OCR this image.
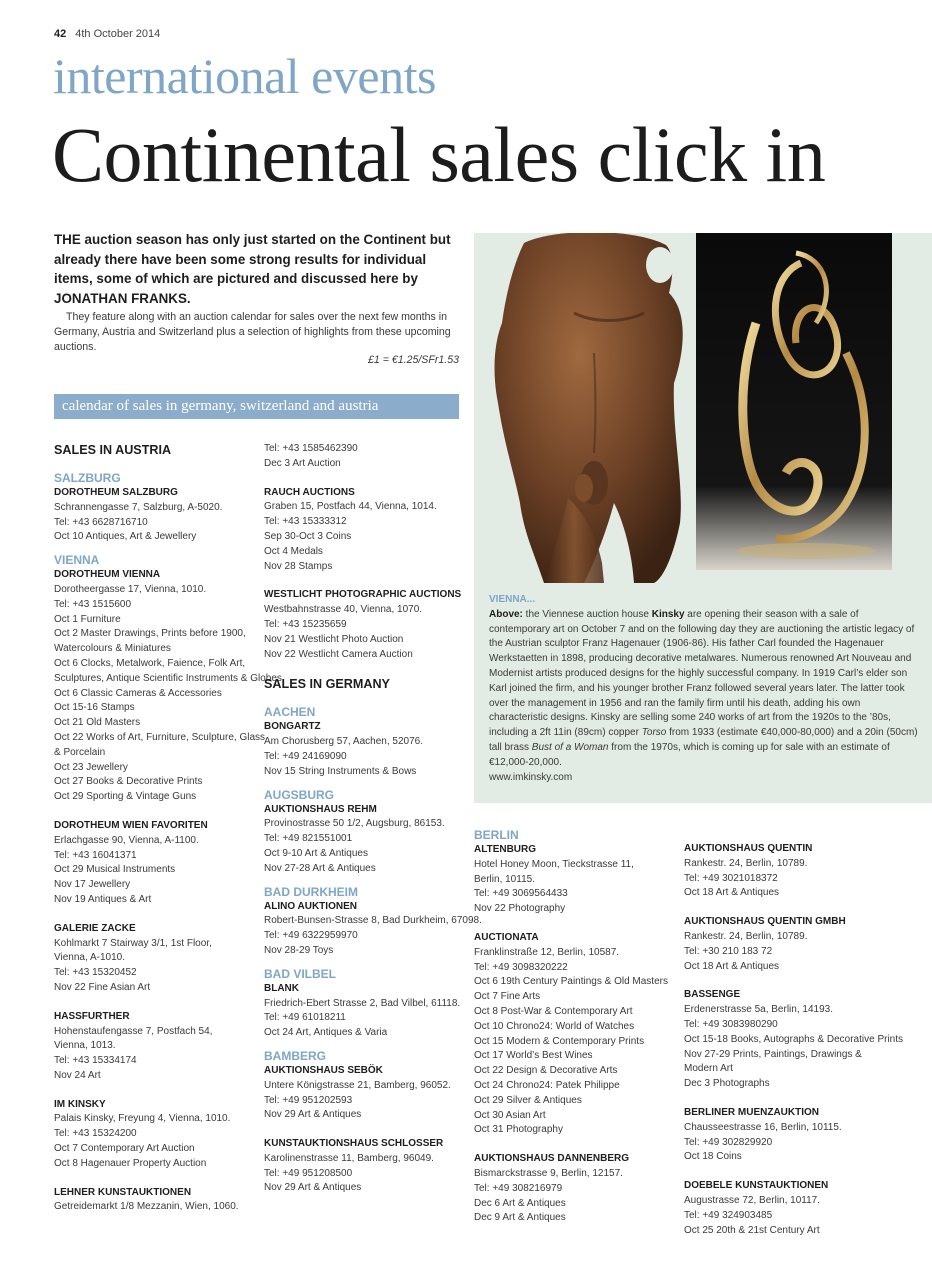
42 4th October 2014
international events
Continental sales click in
THE auction season has only just started on the Continent but already there have been some strong results for individual items, some of which are pictured and discussed here by JONATHAN FRANKS.
They feature along with an auction calendar for sales over the next few months in Germany, Austria and Switzerland plus a selection of highlights from these upcoming auctions.
£1 = €1.25/SFr1.53
calendar of sales in germany, switzerland and austria
SALES IN AUSTRIA
SALZBURG
DOROTHEUM SALZBURG
Schrannengasse 7, Salzburg, A-5020.
Tel: +43 6628716710
Oct 10 Antiques, Art & Jewellery
VIENNA
DOROTHEUM VIENNA
Dorotheergasse 17, Vienna, 1010.
Tel: +43 1515600
Oct 1 Furniture
Oct 2 Master Drawings, Prints before 1900,
Watercolours & Miniatures
Oct 6 Clocks, Metalwork, Faience, Folk Art,
Sculptures, Antique Scientific Instruments & Globes
Oct 6 Classic Cameras & Accessories
Oct 15-16 Stamps
Oct 21 Old Masters
Oct 22 Works of Art, Furniture, Sculpture, Glass
& Porcelain
Oct 23 Jewellery
Oct 27 Books & Decorative Prints
Oct 29 Sporting & Vintage Guns
DOROTHEUM WIEN FAVORITEN
Erlachgasse 90, Vienna, A-1100.
Tel: +43 16041371
Oct 29 Musical Instruments
Nov 17 Jewellery
Nov 19 Antiques & Art
GALERIE ZACKE
Kohlmarkt 7 Stairway 3/1, 1st Floor,
Vienna, A-1010.
Tel: +43 15320452
Nov 22 Fine Asian Art
HASSFURTHER
Hohenstaufengasse 7, Postfach 54,
Vienna, 1013.
Tel: +43 15334174
Nov 24 Art
IM KINSKY
Palais Kinsky, Freyung 4, Vienna, 1010.
Tel: +43 15324200
Oct 7 Contemporary Art Auction
Oct 8 Hagenauer Property Auction
LEHNER KUNSTAUKTIONEN
Getreidemarkt 1/8 Mezzanin, Wien, 1060.
Tel: +43 1585462390
Dec 3 Art Auction
RAUCH AUCTIONS
Graben 15, Postfach 44, Vienna, 1014.
Tel: +43 15333312
Sep 30-Oct 3 Coins
Oct 4 Medals
Nov 28 Stamps
WESTLICHT PHOTOGRAPHIC AUCTIONS
Westbahnstrasse 40, Vienna, 1070.
Tel: +43 15235659
Nov 21 Westlicht Photo Auction
Nov 22 Westlicht Camera Auction
SALES IN GERMANY
AACHEN
BONGARTZ
Am Chorusberg 57, Aachen, 52076.
Tel: +49 24169090
Nov 15 String Instruments & Bows
AUGSBURG
AUKTIONSHAUS REHM
Provinostrasse 50 1/2, Augsburg, 86153.
Tel: +49 821551001
Oct 9-10 Art & Antiques
Nov 27-28 Art & Antiques
BAD DURKHEIM
ALINO AUKTIONEN
Robert-Bunsen-Strasse 8, Bad Durkheim, 67098.
Tel: +49 6322959970
Nov 28-29 Toys
BAD VILBEL
BLANK
Friedrich-Ebert Strasse 2, Bad Vilbel, 61118.
Tel: +49 61018211
Oct 24 Art, Antiques & Varia
BAMBERG
AUKTIONSHAUS SEBÖK
Untere Königstrasse 21, Bamberg, 96052.
Tel: +49 951202593
Nov 29 Art & Antiques
KUNSTAUKTIONSHAUS SCHLOSSER
Karolinenstrasse 11, Bamberg, 96049.
Tel: +49 951208500
Nov 29 Art & Antiques
VIENNA...
Above: the Viennese auction house Kinsky are opening their season with a sale of contemporary art on October 7 and on the following day they are auctioning the artistic legacy of the Austrian sculptor Franz Hagenauer (1906-86). His father Carl founded the Hagenauer Werkstaetten in 1898, producing decorative metalwares. Numerous renowned Art Nouveau and Modernist artists produced designs for the highly successful company. In 1919 Carl’s elder son Karl joined the firm, and his younger brother Franz followed several years later. The latter took over the management in 1956 and ran the family firm until his death, adding his own characteristic designs. Kinsky are selling some 240 works of art from the 1920s to the ’80s, including a 2ft 11in (89cm) copper Torso from 1933 (estimate €40,000-80,000) and a 20in (50cm) tall brass Bust of a Woman from the 1970s, which is coming up for sale with an estimate of €12,000-20,000.
www.imkinsky.com
BERLIN
ALTENBURG
Hotel Honey Moon, Tieckstrasse 11,
Berlin, 10115.
Tel: +49 3069564433
Nov 22 Photography
AUCTIONATA
Franklinstraße 12, Berlin, 10587.
Tel: +49 3098320222
Oct 6 19th Century Paintings & Old Masters
Oct 7 Fine Arts
Oct 8 Post-War & Contemporary Art
Oct 10 Chrono24: World of Watches
Oct 15 Modern & Contemporary Prints
Oct 17 World’s Best Wines
Oct 22 Design & Decorative Arts
Oct 24 Chrono24: Patek Philippe
Oct 29 Silver & Antiques
Oct 30 Asian Art
Oct 31 Photography
AUKTIONSHAUS DANNENBERG
Bismarckstrasse 9, Berlin, 12157.
Tel: +49 308216979
Dec 6 Art & Antiques
Dec 9 Art & Antiques
AUKTIONSHAUS QUENTIN
Rankestr. 24, Berlin, 10789.
Tel: +49 3021018372
Oct 18 Art & Antiques
AUKTIONSHAUS QUENTIN GMBH
Rankestr. 24, Berlin, 10789.
Tel: +30 210 183 72
Oct 18 Art & Antiques
BASSENGE
Erdenerstrasse 5a, Berlin, 14193.
Tel: +49 3083980290
Oct 15-18 Books, Autographs & Decorative Prints
Nov 27-29 Prints, Paintings, Drawings &
Modern Art
Dec 3 Photographs
BERLINER MUENZAUKTION
Chausseestrasse 16, Berlin, 10115.
Tel: +49 302829920
Oct 18 Coins
DOEBELE KUNSTAUKTIONEN
Augustrasse 72, Berlin, 10117.
Tel: +49 324903485
Oct 25 20th & 21st Century Art
